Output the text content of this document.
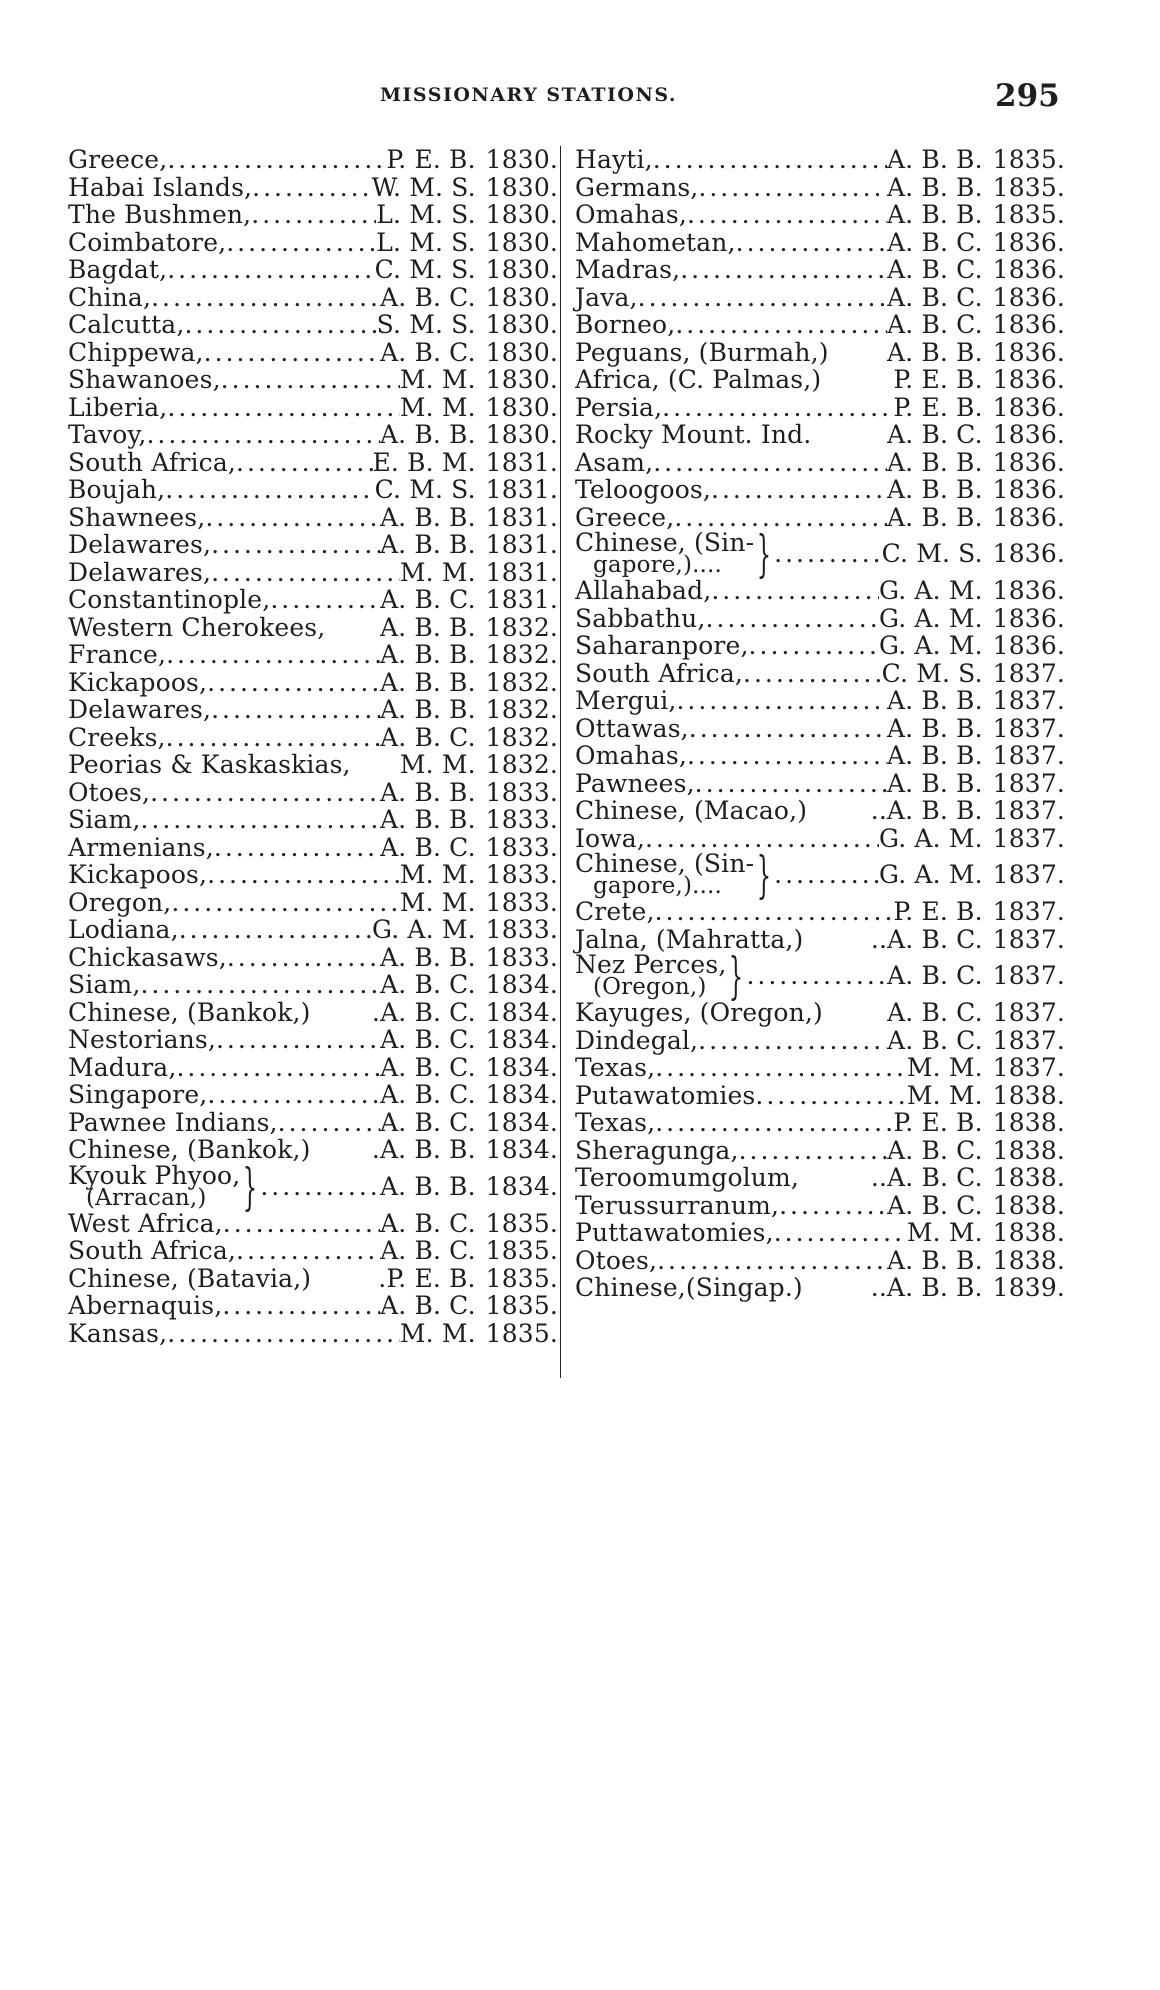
MISSIONARY STATIONS.	295
Greece, .....	P. E. B. 1830.
Habai Islands, .....	W. M. S. 1830.
The Bushmen, .....	L. M. S. 1830.
Coimbatore, .....	L. M. S. 1830.
Bagdat, .....	C. M. S. 1830.
China, .....	A. B. C. 1830.
Calcutta, .....	S. M. S. 1830.
Chippewa, .....	A. B. C. 1830.
Shawanoes, .....	M. M. 1830.
Liberia, .....	M. M. 1830.
Tavoy, .....	A. B. B. 1830.
South Africa, .....	E. B. M. 1831.
Boujah, .....	C. M. S. 1831.
Shawnees, .....	A. B. B. 1831.
Delawares, .....	A. B. B. 1831.
Delawares, .....	M. M. 1831.
Constantinople, .....	A. B. C. 1831.
Western Cherokees, A. B. B. 1832.
France, .....	A. B. B. 1832.
Kickapoos, .....	A. B. B. 1832.
Delawares, .....	A. B. B. 1832.
Creeks, .....	A. B. C. 1832.
Peorias & Kaskaskias, M. M. 1832.
Otoes, .....	A. B. B. 1833.
Siam, .....	A. B. B. 1833.
Armenians, .....	A. B. C. 1833.
Kickapoos, .....	M. M. 1833.
Oregon, .....	M. M. 1833.
Lodiana, .....	G. A. M. 1833.
Chickasaws, .....	A. B. B. 1833.
Siam, .....	A. B. C. 1834.
Chinese, (Bankok,) .A. B. C. 1834.
Nestorians, .....	A. B. C. 1834.
Madura, .....	A. B. C. 1834.
Singapore, .....	A. B. C. 1834.
Pawnee Indians, .....	A. B. C. 1834.
Chinese, (Bankok,) .A. B. B. 1834.
Kyouk Phyoo,
(Arracan,) } .....	A. B. B. 1834.
West Africa, .....	A. B. C. 1835.
South Africa, .....	A. B. C. 1835.
Chinese, (Batavia,)	.P. E. B. 1835.
Abernaquis, .....	A. B. C. 1835.
Kansas, .....	M. M. 1835.
Hayti, .....	A. B. B. 1835.
Germans, .....	A. B. B. 1835.
Omahas, .....	A. B. B. 1835.
Mahometan, .....	A. B. C. 1836.
Madras, .....	A. B. C. 1836.
Java, .....	A. B. C. 1836.
Borneo, .....	A. B. C. 1836.
Peguans, (Burmah,) A. B. B. 1836.
Africa, (C. Palmas,)	P. E. B. 1836.
Persia, .....	P. E. B. 1836.
Rocky Mount. Ind.	A. B. C. 1836.
Asam, .....	A. B. B. 1836.
Teloogoos, .....	A. B. B. 1836.
Greece, .....	A. B. B. 1836.
Chinese, (Sin-
gapore,).... } .....	C. M. S. 1836.
Allahabad, .....	G. A. M. 1836.
Sabbathu, .....	G. A. M. 1836.
Saharanpore, .....	G. A. M. 1836.
South Africa, .....	C. M. S. 1837.
Mergui, .....	A. B. B. 1837.
Ottawas, .....	A. B. B. 1837.
Omahas, .....	A. B. B. 1837.
Pawnees, .....	A. B. B. 1837.
Chinese, (Macao,)	..A. B. B. 1837.
Iowa, .....	G. A. M. 1837.
Chinese, (Sin-
gapore,).... } .....	G. A. M. 1837.
Crete, .....	P. E. B. 1837.
Jalna, (Mahratta,)	..A. B. C. 1837.
Nez Perces,
(Oregon,) } .....	A. B. C. 1837.
Kayuges, (Oregon,)	A. B. C. 1837.
Dindegal, .....	A. B. C. 1837.
Texas, .....	M. M. 1837.
Putawatomies .....	M. M. 1838.
Texas, .....	P. E. B. 1838.
Sheragunga, .....	A. B. C. 1838.
Teroomumgolum,	..A. B. C. 1838.
Terussurranum, .....	A. B. C. 1838.
Puttawatomies, .....	M. M. 1838.
Otoes, .....	A. B. B. 1838.
Chinese,(Singap.)	..A. B. B. 1839.
